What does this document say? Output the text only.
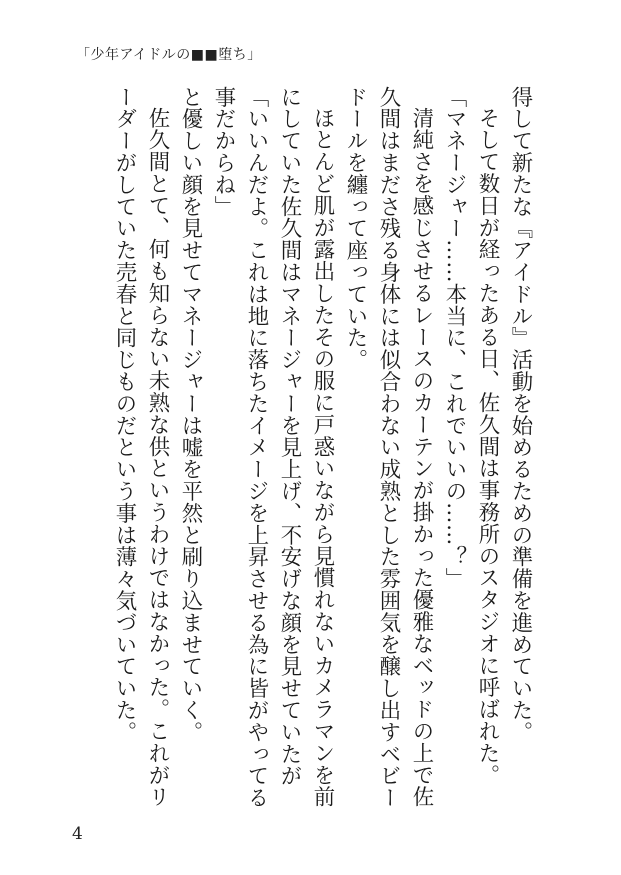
「少年アイドルの■■堕ち」

得して新たな『アイドル』活動を始めるための準備を進めていた。

そして数日が経ったある日、佐久間は事務所のスタジオに呼ばれた。

「マネージャー……本当に、これでいいの……？」

清純さを感じさせるレースのカーテンが掛かった優雅なベッドの上で佐久間はまださ残る身体には似合わない成熟とした雰囲気を醸し出すベビードールを纏って座っていた。

ほとんど肌が露出したその服に戸惑いながら見慣れないカメラマンを前にしていた佐久間はマネージャーを見上げ、不安げな顔を見せていたが

「いいんだよ。これは地に落ちたイメージを上昇させる為に皆がやってる事だからね」

と優しい顔を見せてマネージャーは嘘を平然と刷り込ませていく。

佐久間とて、何も知らない未熟な供というわけではなかった。これがリーダーがしていた売春と同じものだという事は薄々気づいていた。

4
